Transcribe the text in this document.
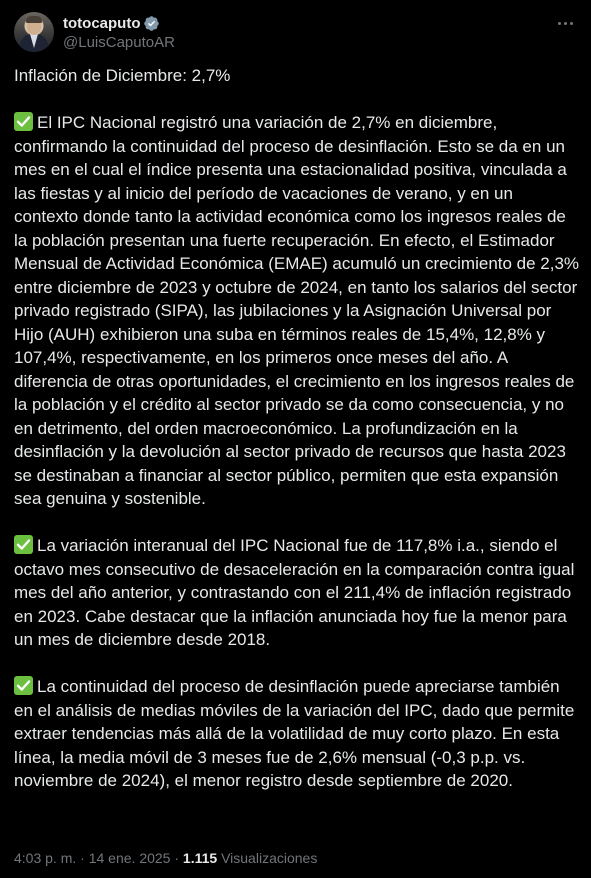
totocaputo
@LuisCaputoAR

Inflación de Diciembre: 2,7%

El IPC Nacional registró una variación de 2,7% en diciembre, confirmando la continuidad del proceso de desinflación. Esto se da en un mes en el cual el índice presenta una estacionalidad positiva, vinculada a las fiestas y al inicio del período de vacaciones de verano, y en un contexto donde tanto la actividad económica como los ingresos reales de la población presentan una fuerte recuperación. En efecto, el Estimador Mensual de Actividad Económica (EMAE) acumuló un crecimiento de 2,3% entre diciembre de 2023 y octubre de 2024, en tanto los salarios del sector privado registrado (SIPA), las jubilaciones y la Asignación Universal por Hijo (AUH) exhibieron una suba en términos reales de 15,4%, 12,8% y 107,4%, respectivamente, en los primeros once meses del año. A diferencia de otras oportunidades, el crecimiento en los ingresos reales de la población y el crédito al sector privado se da como consecuencia, y no en detrimento, del orden macroeconómico. La profundización en la desinflación y la devolución al sector privado de recursos que hasta 2023 se destinaban a financiar al sector público, permiten que esta expansión sea genuina y sostenible.

La variación interanual del IPC Nacional fue de 117,8% i.a., siendo el octavo mes consecutivo de desaceleración en la comparación contra igual mes del año anterior, y contrastando con el 211,4% de inflación registrado en 2023. Cabe destacar que la inflación anunciada hoy fue la menor para un mes de diciembre desde 2018.

La continuidad del proceso de desinflación puede apreciarse también en el análisis de medias móviles de la variación del IPC, dado que permite extraer tendencias más allá de la volatilidad de muy corto plazo. En esta línea, la media móvil de 3 meses fue de 2,6% mensual (-0,3 p.p. vs. noviembre de 2024), el menor registro desde septiembre de 2020.

4:03 p. m. · 14 ene. 2025 · 1.115 Visualizaciones
